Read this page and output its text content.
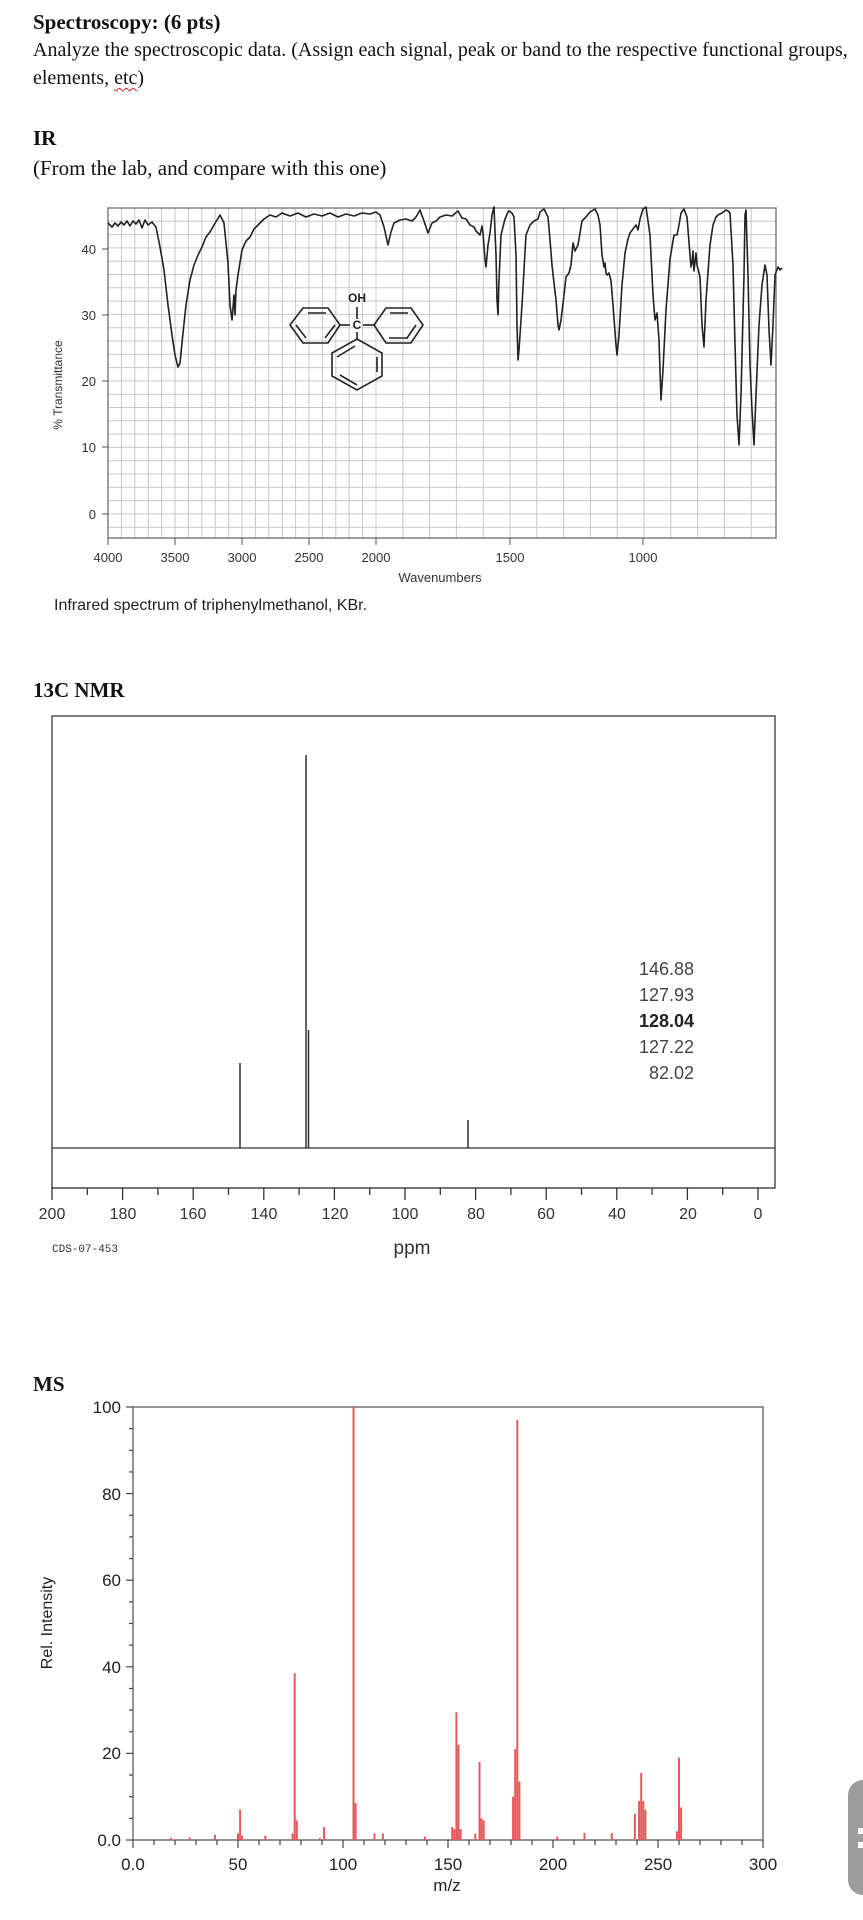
Spectroscopy: (6 pts)
Analyze the spectroscopic data. (Assign each signal, peak or band to the respective functional groups,
elements, etc)
IR
(From the lab, and compare with this one)
40
30
20
10
0
4000	3500	3000	2500	2000	1500	1000
Wavenumbers
% Transmittance
OH
C
Infrared spectrum of triphenylmethanol, KBr.
13C NMR
200	180	160	140	120	100	80	60	40	20	0
ppm
CDS-07-453
146.88
127.93
128.04
127.22
82.02
MS
100
80
60
40
20
0.0
0.0	50	100	150	200	250	300
m/z
Rel. Intensity
